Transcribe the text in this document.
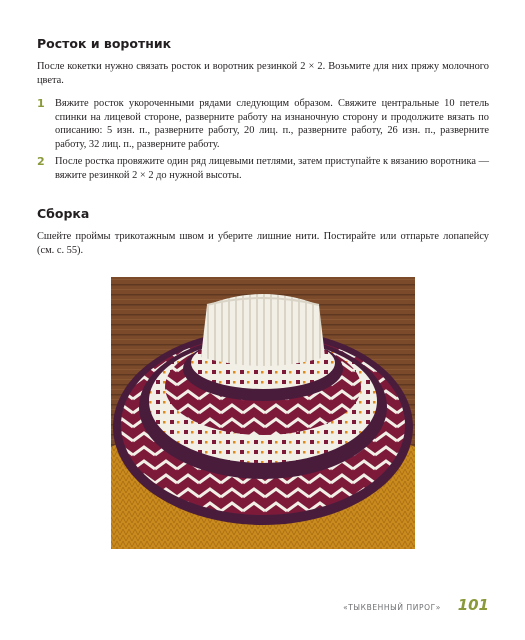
Росток и воротник

После кокетки нужно связать росток и воротник резинкой 2 × 2. Возьмите для них пряжу молочного цвета.

1 Вяжите росток укороченными рядами следующим образом. Свяжите центральные 10 петель спинки на лицевой стороне, разверните работу на изнаночную сторону и продолжите вязать по описанию: 5 изн. п., разверните работу, 20 лиц. п., разверните работу, 26 изн. п., разверните работу, 32 лиц. п., разверните работу.

2 После ростка провяжите один ряд лицевыми петлями, затем приступайте к вязанию воротника — вяжите резинкой 2 × 2 до нужной высоты.

Сборка

Сшейте проймы трикотажным швом и уберите лишние нити. Постирайте или отпарьте лопапейсу (см. с. 55).

«ТЫКВЕННЫЙ ПИРОГ» 101
